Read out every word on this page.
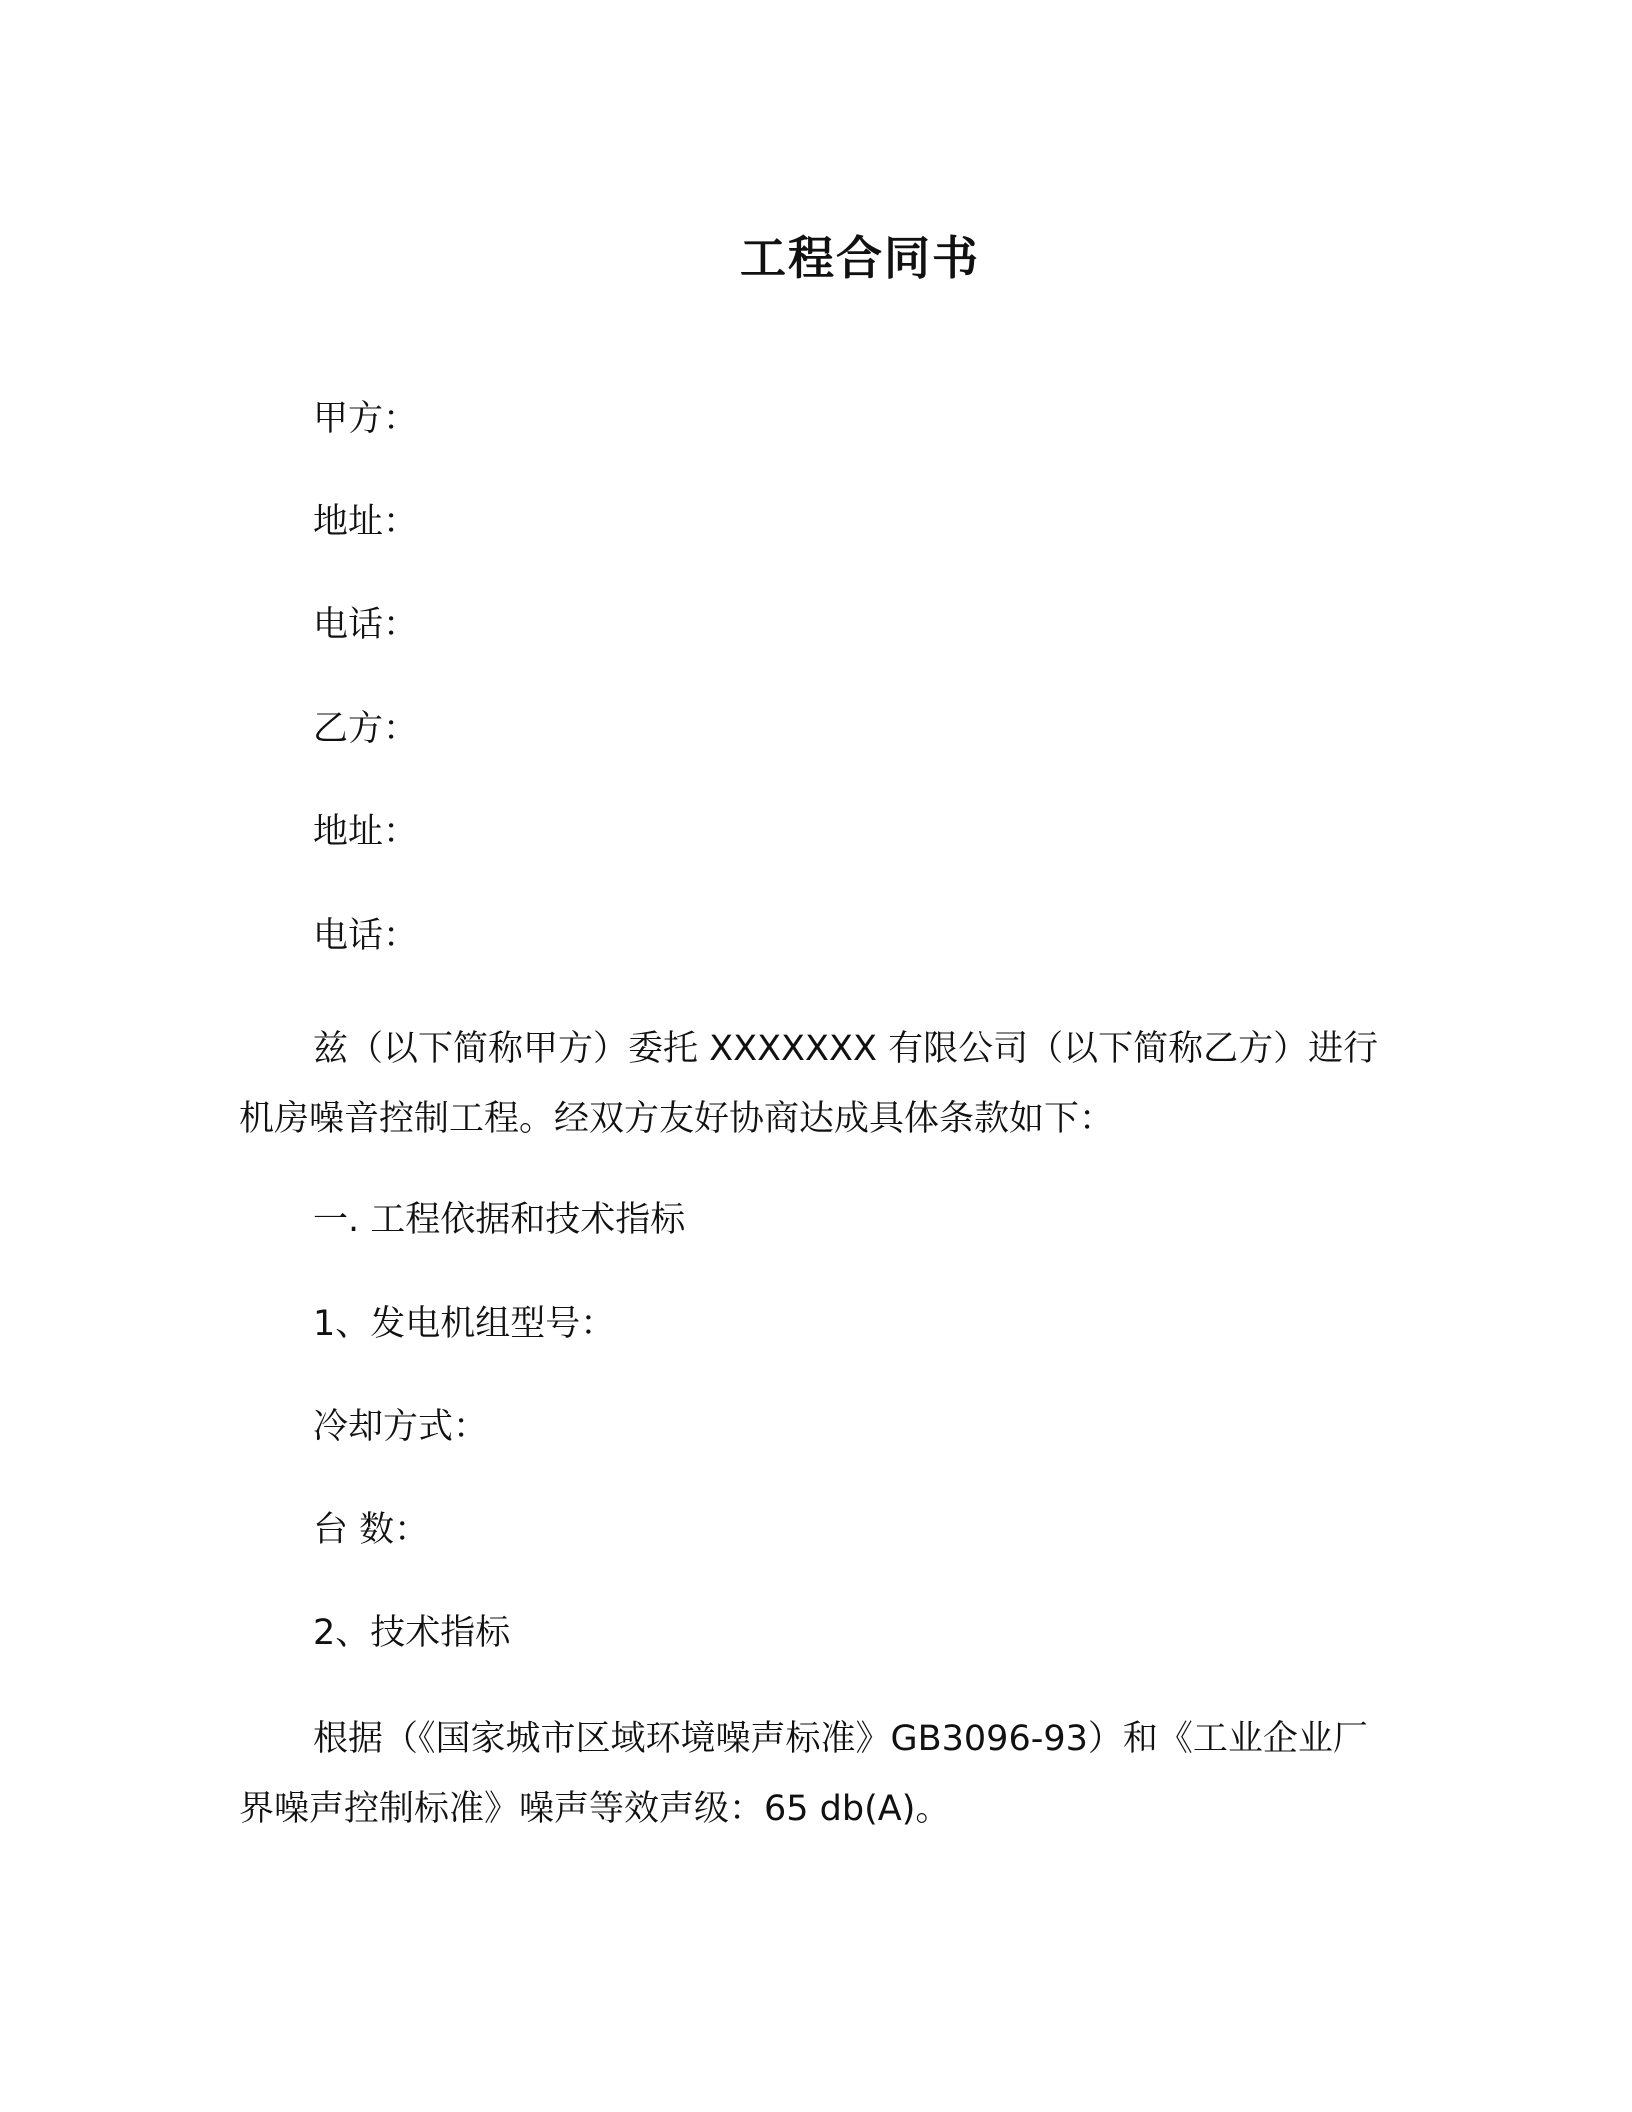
工程合同书
甲方：
地址：
电话：
乙方：
地址：
电话：
兹（以下简称甲方）委托 XXXXXXX 有限公司（以下简称乙方）进行机房噪音控制工程。经双方友好协商达成具体条款如下：
一. 工程依据和技术指标
1、发电机组型号：
冷却方式：
台 数：
2、技术指标
根据（《国家城市区域环境噪声标准》GB3096-93）和《工业企业厂界噪声控制标准》噪声等效声级：65 db(A)。
